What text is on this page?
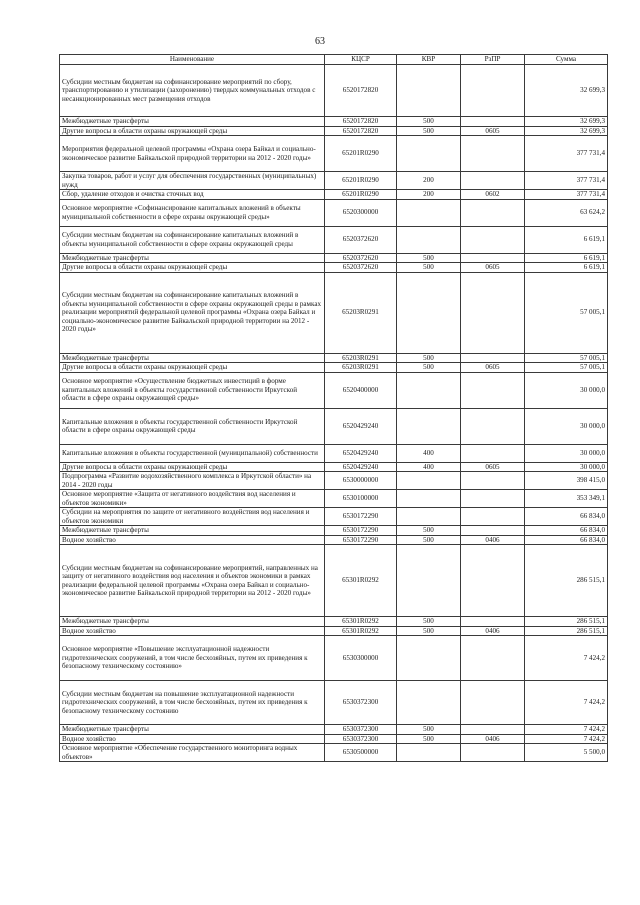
63
Наименование	КЦСР	КВР	РзПР	Сумма
Субсидии местным бюджетам на софинансирование мероприятий по сбору, транспортированию и утилизации (захоронению) твердых коммунальных отходов с несанкционированных мест размещения отходов	6520172820			32 699,3
Межбюджетные трансферты	6520172820	500		32 699,3
Другие вопросы в области охраны окружающей среды	6520172820	500	0605	32 699,3
Мероприятия федеральной целевой программы «Охрана озера Байкал и социально-экономическое развитие Байкальской природной территории на 2012 - 2020 годы»	65201R0290			377 731,4
Закупка товаров, работ и услуг для обеспечения государственных (муниципальных) нужд	65201R0290	200		377 731,4
Сбор, удаление отходов и очистка сточных вод	65201R0290	200	0602	377 731,4
Основное мероприятие «Софинансирование капитальных вложений в объекты муниципальной собственности в сфере охраны окружающей среды»	6520300000			63 624,2
Субсидии местным бюджетам на софинансирование капитальных вложений в объекты муниципальной собственности в сфере охраны окружающей среды	6520372620			6 619,1
Межбюджетные трансферты	6520372620	500		6 619,1
Другие вопросы в области охраны окружающей среды	6520372620	500	0605	6 619,1
Субсидии местным бюджетам на софинансирование капитальных вложений в объекты муниципальной собственности в сфере охраны окружающей среды в рамках реализации мероприятий федеральной целевой программы «Охрана озера Байкал и социально-экономическое развитие Байкальской природной территории на 2012 - 2020 годы»	65203R0291			57 005,1
Межбюджетные трансферты	65203R0291	500		57 005,1
Другие вопросы в области охраны окружающей среды	65203R0291	500	0605	57 005,1
Основное мероприятие «Осуществление бюджетных инвестиций в форме капитальных вложений в объекты государственной собственности Иркутской области в сфере охраны окружающей среды»	6520400000			30 000,0
Капитальные вложения в объекты государственной собственности Иркутской области в сфере охраны окружающей среды	6520429240			30 000,0
Капитальные вложения в объекты государственной (муниципальной) собственности	6520429240	400		30 000,0
Другие вопросы в области охраны окружающей среды	6520429240	400	0605	30 000,0
Подпрограмма «Развитие водохозяйственного комплекса в Иркутской области» на 2014 - 2020 годы	6530000000			398 415,0
Основное мероприятие «Защита от негативного воздействия вод населения и объектов экономики»	6530100000			353 349,1
Субсидии на мероприятия по защите от негативного воздействия вод населения и объектов экономики	6530172290			66 834,0
Межбюджетные трансферты	6530172290	500		66 834,0
Водное хозяйство	6530172290	500	0406	66 834,0
Субсидии местным бюджетам на софинансирование мероприятий, направленных на защиту от негативного воздействия вод населения и объектов экономики в рамках реализации федеральной целевой программы «Охрана озера Байкал и социально-экономическое развитие Байкальской природной территории на 2012 - 2020 годы»	65301R0292			286 515,1
Межбюджетные трансферты	65301R0292	500		286 515,1
Водное хозяйство	65301R0292	500	0406	286 515,1
Основное мероприятие «Повышение эксплуатационной надежности гидротехнических сооружений, в том числе бесхозяйных, путем их приведения к безопасному техническому состоянию»	6530300000			7 424,2
Субсидии местным бюджетам на повышение эксплуатационной надежности гидротехнических сооружений, в том числе бесхозяйных, путем их приведения к безопасному техническому состоянию	6530372300			7 424,2
Межбюджетные трансферты	6530372300	500		7 424,2
Водное хозяйство	6530372300	500	0406	7 424,2
Основное мероприятие «Обеспечение государственного мониторинга водных объектов»	6530500000			5 500,0
